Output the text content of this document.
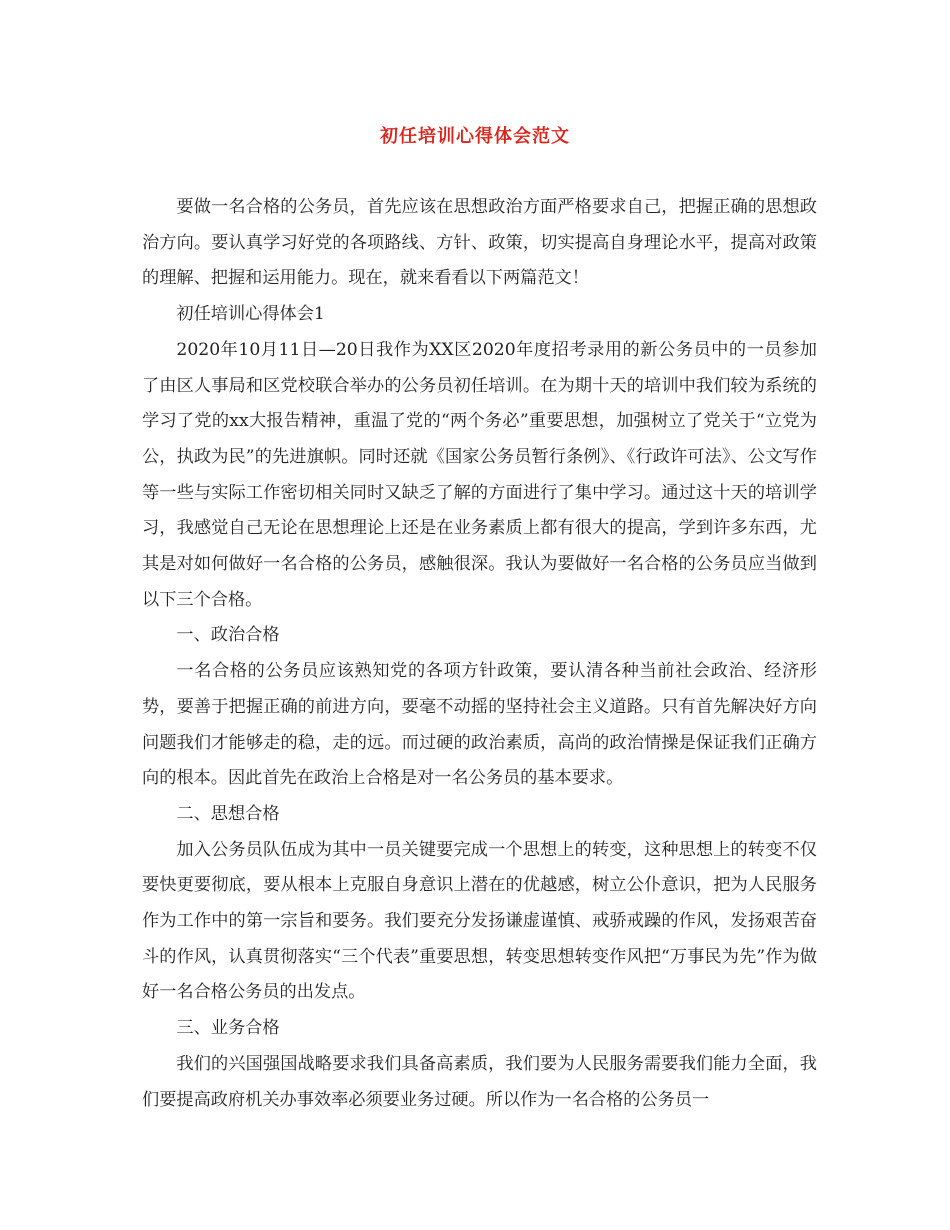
初任培训心得体会范文

要做一名合格的公务员，首先应该在思想政治方面严格要求自己，把握正确的思想政治方向。要认真学习好党的各项路线、方针、政策，切实提高自身理论水平，提高对政策的理解、把握和运用能力。现在，就来看看以下两篇范文！

初任培训心得体会1

2020年10月11日—20日我作为XX区2020年度招考录用的新公务员中的一员参加了由区人事局和区党校联合举办的公务员初任培训。在为期十天的培训中我们较为系统的学习了党的xx大报告精神，重温了党的“两个务必”重要思想，加强树立了党关于“立党为公，执政为民”的先进旗帜。同时还就《国家公务员暂行条例》、《行政许可法》、公文写作等一些与实际工作密切相关同时又缺乏了解的方面进行了集中学习。通过这十天的培训学习，我感觉自己无论在思想理论上还是在业务素质上都有很大的提高，学到许多东西，尤其是对如何做好一名合格的公务员，感触很深。我认为要做好一名合格的公务员应当做到以下三个合格。

一、政治合格

一名合格的公务员应该熟知党的各项方针政策，要认清各种当前社会政治、经济形势，要善于把握正确的前进方向，要毫不动摇的坚持社会主义道路。只有首先解决好方向问题我们才能够走的稳，走的远。而过硬的政治素质，高尚的政治情操是保证我们正确方向的根本。因此首先在政治上合格是对一名公务员的基本要求。

二、思想合格

加入公务员队伍成为其中一员关键要完成一个思想上的转变，这种思想上的转变不仅要快更要彻底，要从根本上克服自身意识上潜在的优越感，树立公仆意识，把为人民服务作为工作中的第一宗旨和要务。我们要充分发扬谦虚谨慎、戒骄戒躁的作风，发扬艰苦奋斗的作风，认真贯彻落实“三个代表”重要思想，转变思想转变作风把“万事民为先”作为做好一名合格公务员的出发点。

三、业务合格

我们的兴国强国战略要求我们具备高素质，我们要为人民服务需要我们能力全面，我们要提高政府机关办事效率必须要业务过硬。所以作为一名合格的公务员一
